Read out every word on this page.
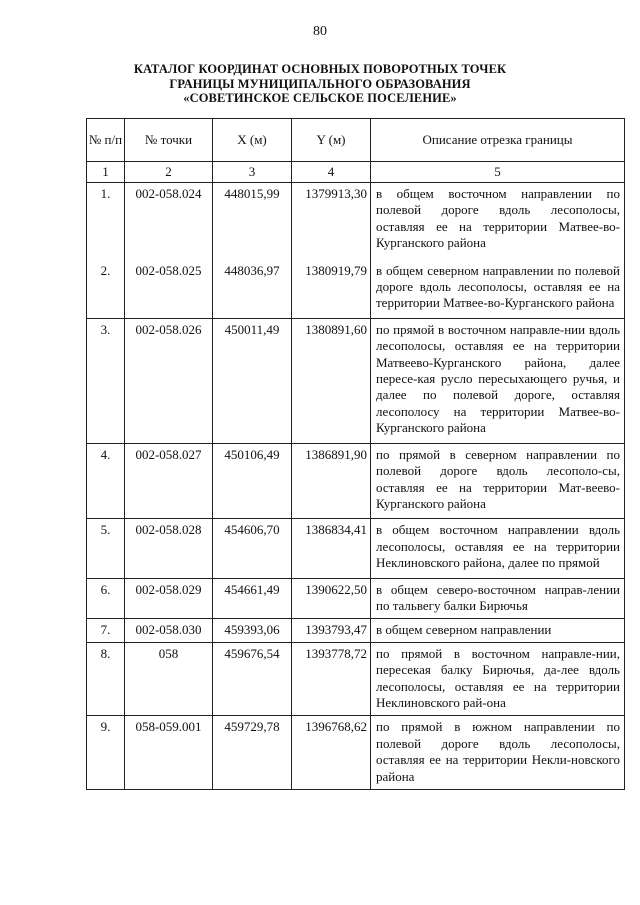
80
КАТАЛОГ КООРДИНАТ ОСНОВНЫХ ПОВОРОТНЫХ ТОЧЕК
ГРАНИЦЫ МУНИЦИПАЛЬНОГО ОБРАЗОВАНИЯ
«СОВЕТИНСКОЕ СЕЛЬСКОЕ ПОСЕЛЕНИЕ»
№ п/п	№ точки	X (м)	Y (м)	Описание отрезка границы
1	2	3	4	5
1.	002-058.024	448015,99	1379913,30	в общем восточном направлении по полевой дороге вдоль лесополосы, оставляя ее на территории Матвее-во-Курганского района
2.	002-058.025	448036,97	1380919,79	в общем северном направлении по полевой дороге вдоль лесополосы, оставляя ее на территории Матвее-во-Курганского района
3.	002-058.026	450011,49	1380891,60	по прямой в восточном направле-нии вдоль лесополосы, оставляя ее на территории Матвеево-Курганского района, далее пересе-кая русло пересыхающего ручья, и далее по полевой дороге, оставляя лесополосу на территории Матвее-во-Курганского района
4.	002-058.027	450106,49	1386891,90	по прямой в северном направлении по полевой дороге вдоль лесополо-сы, оставляя ее на территории Мат-веево-Курганского района
5.	002-058.028	454606,70	1386834,41	в общем восточном направлении вдоль лесополосы, оставляя ее на территории Неклиновского района, далее по прямой
6.	002-058.029	454661,49	1390622,50	в общем северо-восточном направ-лении по тальвегу балки Бирючья
7.	002-058.030	459393,06	1393793,47	в общем северном направлении
8.	058	459676,54	1393778,72	по прямой в восточном направле-нии, пересекая балку Бирючья, да-лее вдоль лесополосы, оставляя ее на территории Неклиновского рай-она
9.	058-059.001	459729,78	1396768,62	по прямой в южном направлении по полевой дороге вдоль лесополосы, оставляя ее на территории Некли-новского района
